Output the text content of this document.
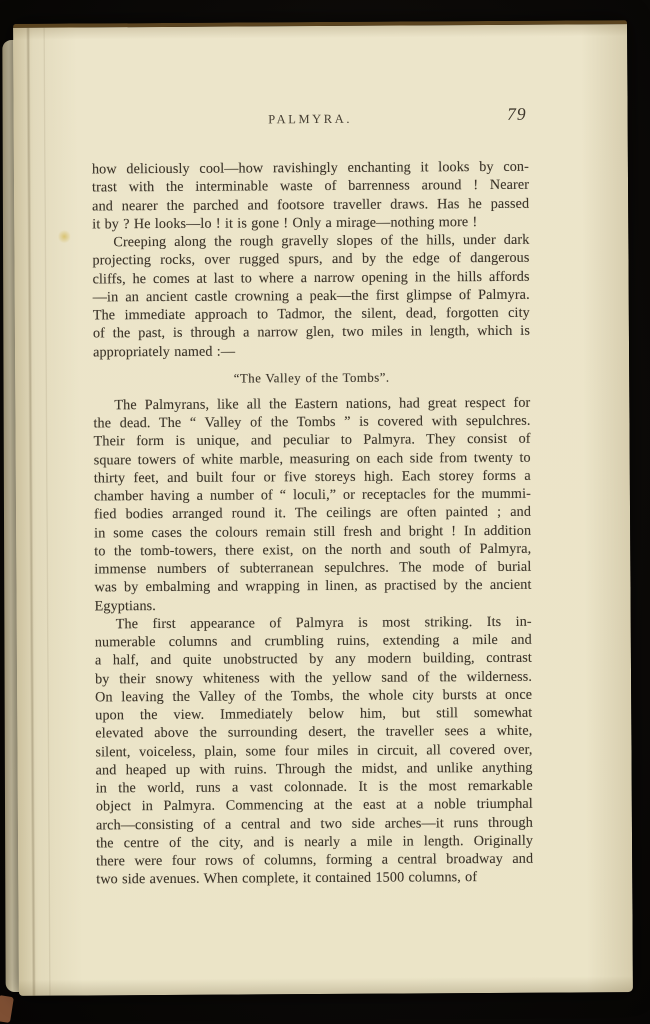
PALMYRA.	79
how deliciously cool—how ravishingly enchanting it looks by con-
trast with the interminable waste of barrenness around ! Nearer
and nearer the parched and footsore traveller draws. Has he passed
it by ? He looks—lo ! it is gone ! Only a mirage—nothing more !
Creeping along the rough gravelly slopes of the hills, under dark
projecting rocks, over rugged spurs, and by the edge of dangerous
cliffs, he comes at last to where a narrow opening in the hills affords
—in an ancient castle crowning a peak—the first glimpse of Palmyra.
The immediate approach to Tadmor, the silent, dead, forgotten city
of the past, is through a narrow glen, two miles in length, which is
appropriately named :—
“The Valley of the Tombs”.
The Palmyrans, like all the Eastern nations, had great respect for
the dead. The “ Valley of the Tombs ” is covered with sepulchres.
Their form is unique, and peculiar to Palmyra. They consist of
square towers of white marble, measuring on each side from twenty to
thirty feet, and built four or five storeys high. Each storey forms a
chamber having a number of “ loculi,” or receptacles for the mummi-
fied bodies arranged round it. The ceilings are often painted ; and
in some cases the colours remain still fresh and bright ! In addition
to the tomb-towers, there exist, on the north and south of Palmyra,
immense numbers of subterranean sepulchres. The mode of burial
was by embalming and wrapping in linen, as practised by the ancient
Egyptians.
The first appearance of Palmyra is most striking. Its in-
numerable columns and crumbling ruins, extending a mile and
a half, and quite unobstructed by any modern building, contrast
by their snowy whiteness with the yellow sand of the wilderness.
On leaving the Valley of the Tombs, the whole city bursts at once
upon the view. Immediately below him, but still somewhat
elevated above the surrounding desert, the traveller sees a white,
silent, voiceless, plain, some four miles in circuit, all covered over,
and heaped up with ruins. Through the midst, and unlike anything
in the world, runs a vast colonnade. It is the most remarkable
object in Palmyra. Commencing at the east at a noble triumphal
arch—consisting of a central and two side arches—it runs through
the centre of the city, and is nearly a mile in length. Originally
there were four rows of columns, forming a central broadway and
two side avenues. When complete, it contained 1500 columns, of
